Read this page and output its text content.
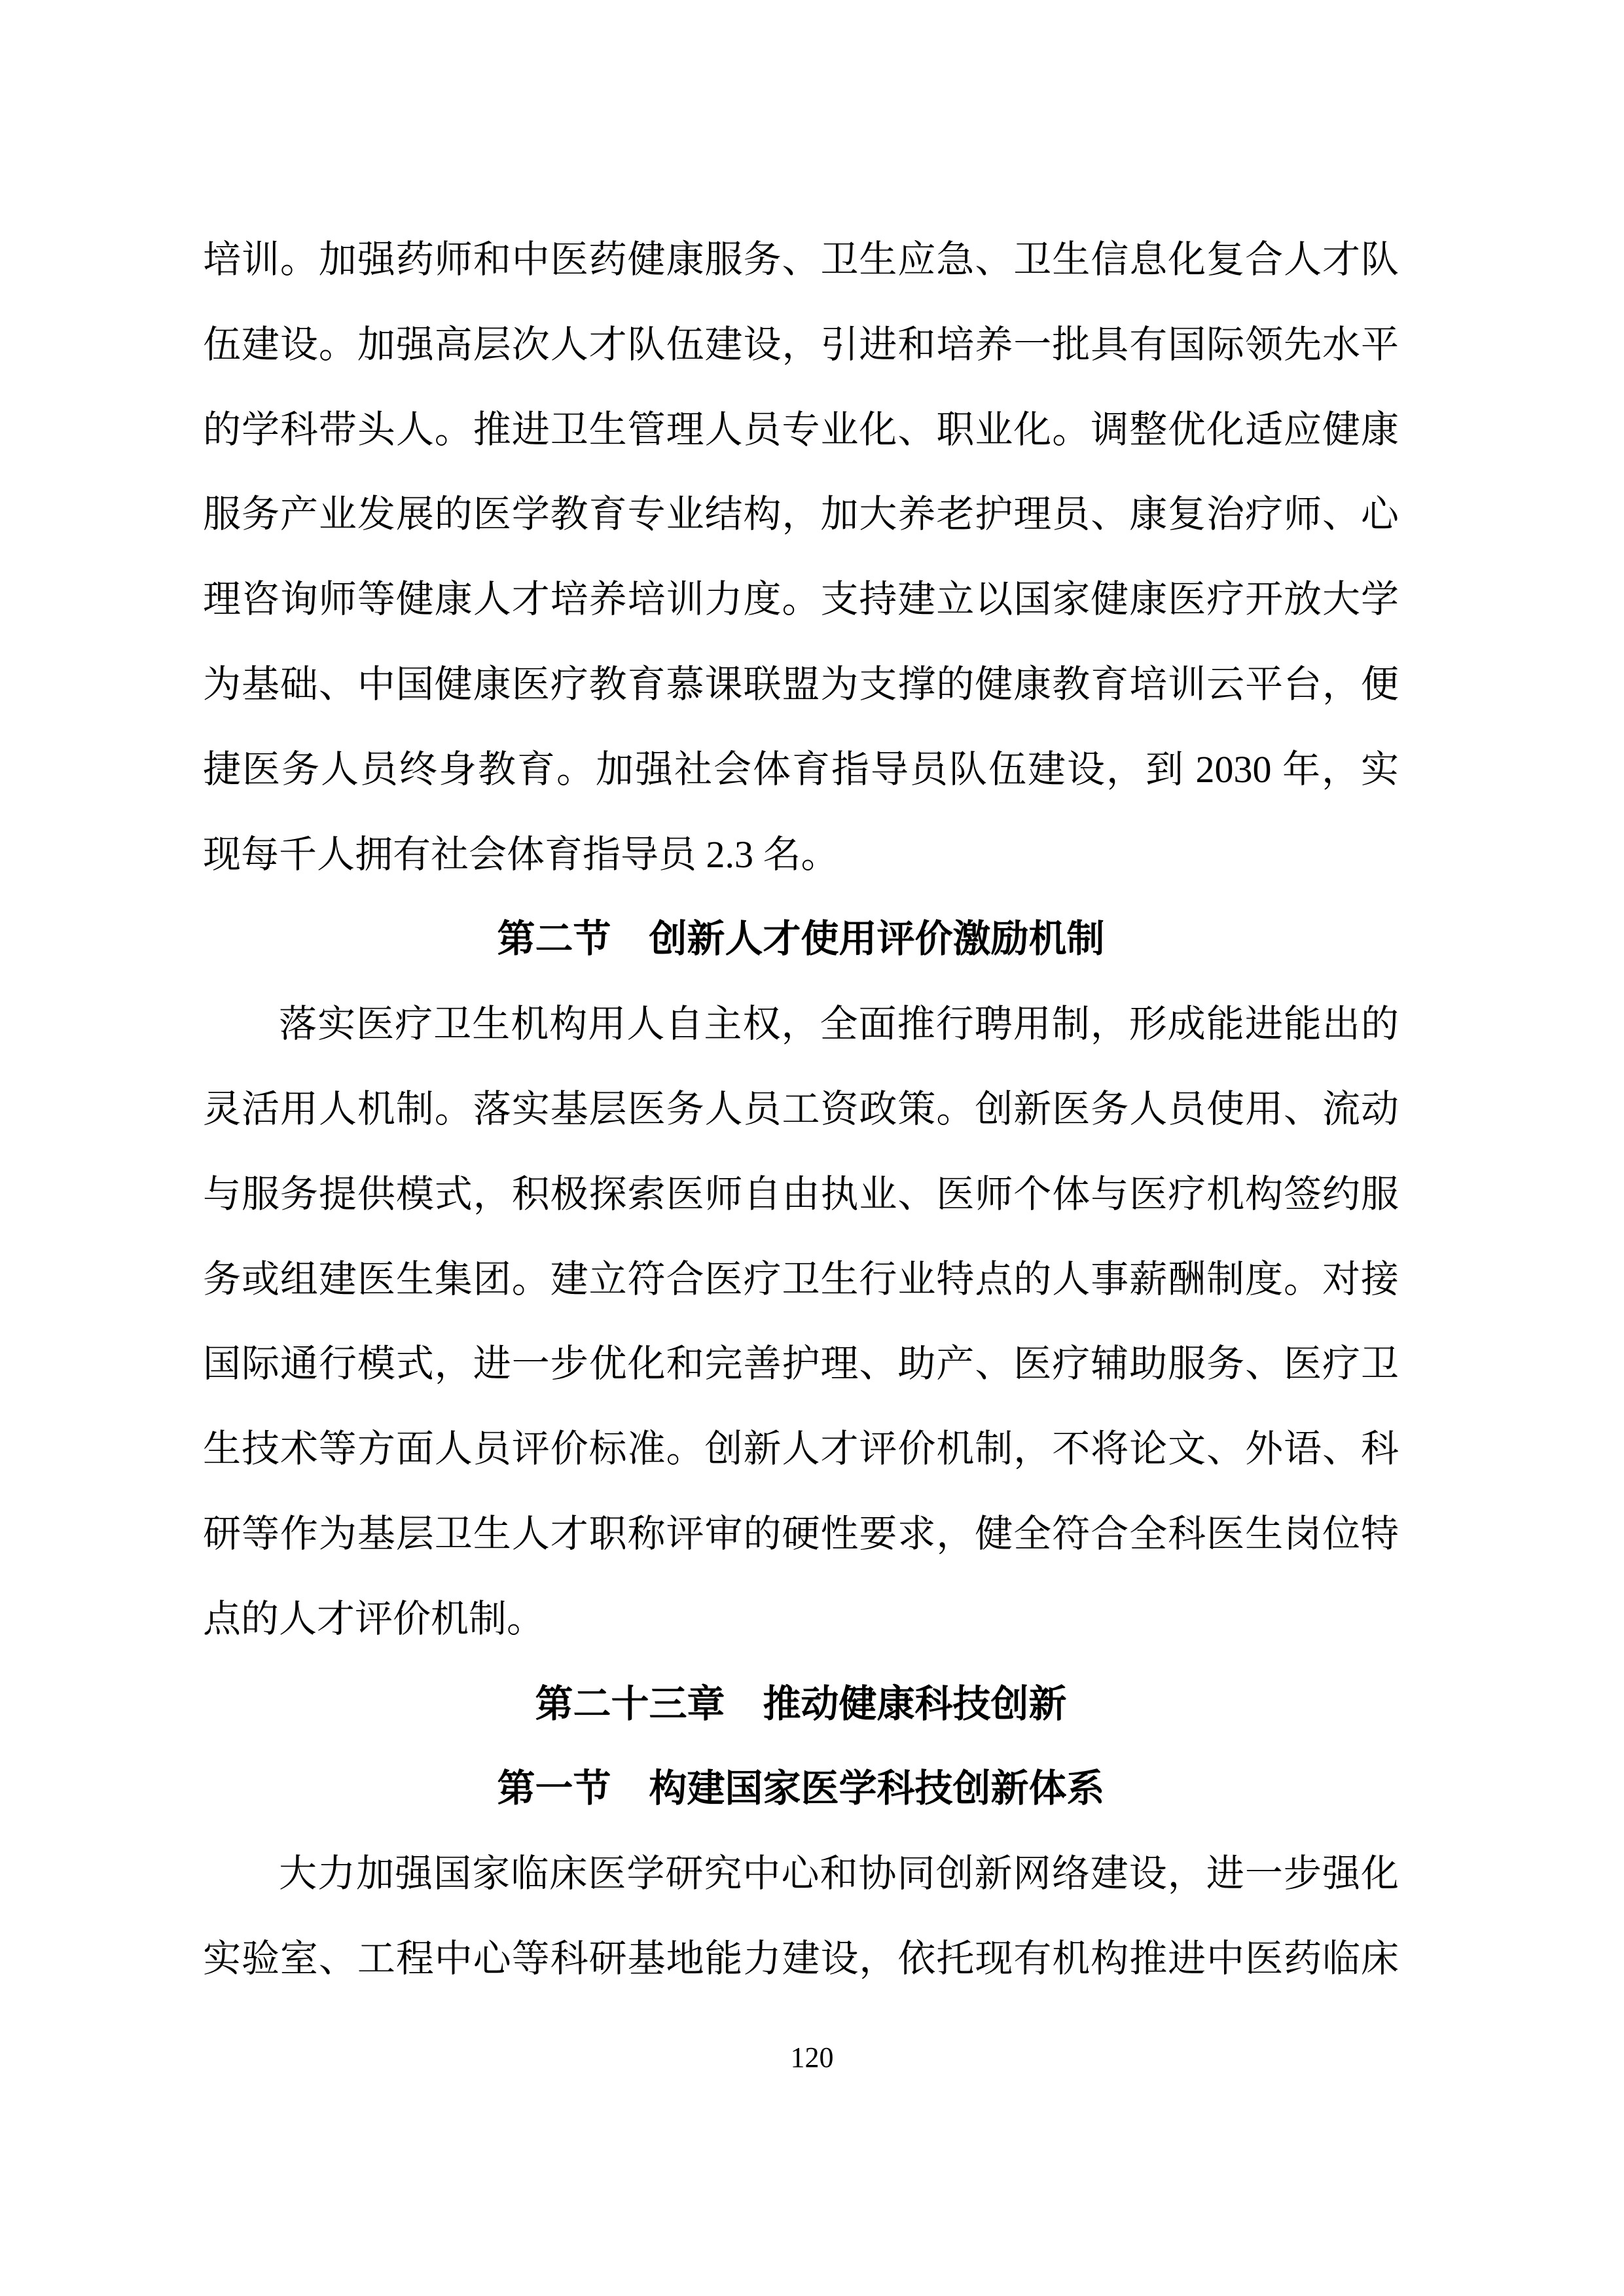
培训。加强药师和中医药健康服务、卫生应急、卫生信息化复合人才队
伍建设。加强高层次人才队伍建设，引进和培养一批具有国际领先水平
的学科带头人。推进卫生管理人员专业化、职业化。调整优化适应健康
服务产业发展的医学教育专业结构，加大养老护理员、康复治疗师、心
理咨询师等健康人才培养培训力度。支持建立以国家健康医疗开放大学
为基础、中国健康医疗教育慕课联盟为支撑的健康教育培训云平台，便
捷医务人员终身教育。加强社会体育指导员队伍建设，到 2030 年，实
现每千人拥有社会体育指导员 2.3 名。
第二节　创新人才使用评价激励机制
落实医疗卫生机构用人自主权，全面推行聘用制，形成能进能出的
灵活用人机制。落实基层医务人员工资政策。创新医务人员使用、流动
与服务提供模式，积极探索医师自由执业、医师个体与医疗机构签约服
务或组建医生集团。建立符合医疗卫生行业特点的人事薪酬制度。对接
国际通行模式，进一步优化和完善护理、助产、医疗辅助服务、医疗卫
生技术等方面人员评价标准。创新人才评价机制，不将论文、外语、科
研等作为基层卫生人才职称评审的硬性要求，健全符合全科医生岗位特
点的人才评价机制。
第二十三章　推动健康科技创新
第一节　构建国家医学科技创新体系
大力加强国家临床医学研究中心和协同创新网络建设，进一步强化
实验室、工程中心等科研基地能力建设，依托现有机构推进中医药临床
120
